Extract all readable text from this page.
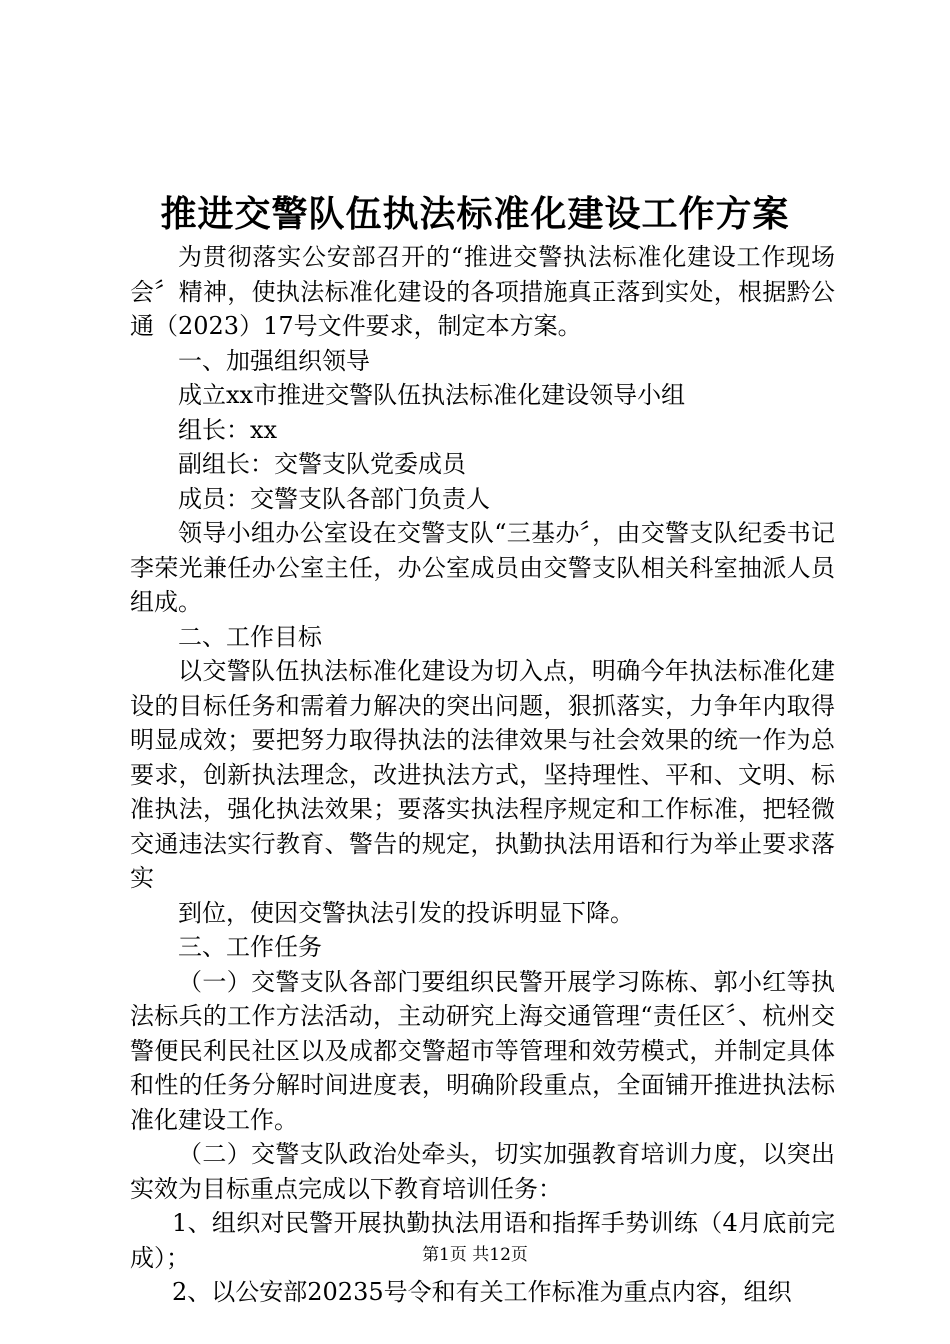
推进交警队伍执法标准化建设工作方案

为贯彻落实公安部召开的“推进交警执法标准化建设工作现场会〞精神，使执法标准化建设的各项措施真正落到实处，根据黔公通（2023）17号文件要求，制定本方案。

一、加强组织领导

成立xx市推进交警队伍执法标准化建设领导小组

组长：xx

副组长：交警支队党委成员

成员：交警支队各部门负责人

领导小组办公室设在交警支队“三基办〞，由交警支队纪委书记李荣光兼任办公室主任，办公室成员由交警支队相关科室抽派人员组成。

二、工作目标

以交警队伍执法标准化建设为切入点，明确今年执法标准化建设的目标任务和需着力解决的突出问题，狠抓落实，力争年内取得明显成效；要把努力取得执法的法律效果与社会效果的统一作为总要求，创新执法理念，改进执法方式，坚持理性、平和、文明、标准执法，强化执法效果；要落实执法程序规定和工作标准，把轻微交通违法实行教育、警告的规定，执勤执法用语和行为举止要求落实

到位，使因交警执法引发的投诉明显下降。

三、工作任务

（一）交警支队各部门要组织民警开展学习陈栋、郭小红等执法标兵的工作方法活动，主动研究上海交通管理“责任区〞、杭州交警便民利民社区以及成都交警超市等管理和效劳模式，并制定具体和性的任务分解时间进度表，明确阶段重点，全面铺开推进执法标准化建设工作。

（二）交警支队政治处牵头，切实加强教育培训力度，以突出实效为目标重点完成以下教育培训任务：

1、组织对民警开展执勤执法用语和指挥手势训练（4月底前完成）；

2、以公安部20235号令和有关工作标准为重点内容，组织

第1页 共12页
